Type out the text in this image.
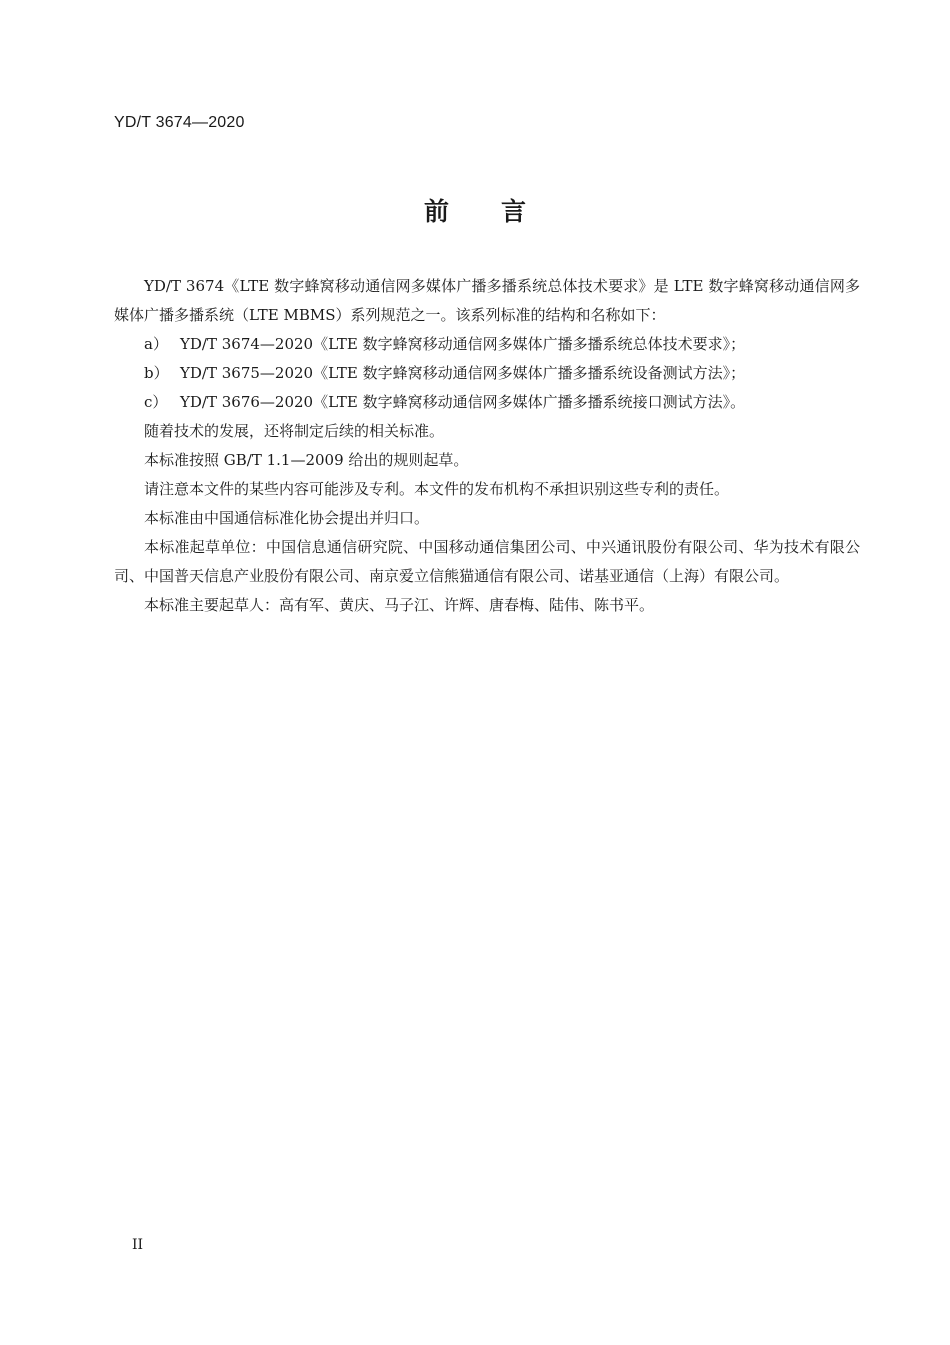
YD/T 3674—2020
前言

YD/T 3674《LTE 数字蜂窝移动通信网多媒体广播多播系统总体技术要求》是 LTE 数字蜂窝移动通信网多媒体广播多播系统（LTE MBMS）系列规范之一。该系列标准的结构和名称如下：

a） YD/T 3674—2020《LTE 数字蜂窝移动通信网多媒体广播多播系统总体技术要求》；
b） YD/T 3675—2020《LTE 数字蜂窝移动通信网多媒体广播多播系统设备测试方法》；
c） YD/T 3676—2020《LTE 数字蜂窝移动通信网多媒体广播多播系统接口测试方法》。

随着技术的发展，还将制定后续的相关标准。

本标准按照 GB/T 1.1—2009 给出的规则起草。

请注意本文件的某些内容可能涉及专利。本文件的发布机构不承担识别这些专利的责任。

本标准由中国通信标准化协会提出并归口。

本标准起草单位：中国信息通信研究院、中国移动通信集团公司、中兴通讯股份有限公司、华为技术有限公司、中国普天信息产业股份有限公司、南京爱立信熊猫通信有限公司、诺基亚通信（上海）有限公司。

本标准主要起草人：高有军、黄庆、马子江、许辉、唐春梅、陆伟、陈书平。

II
